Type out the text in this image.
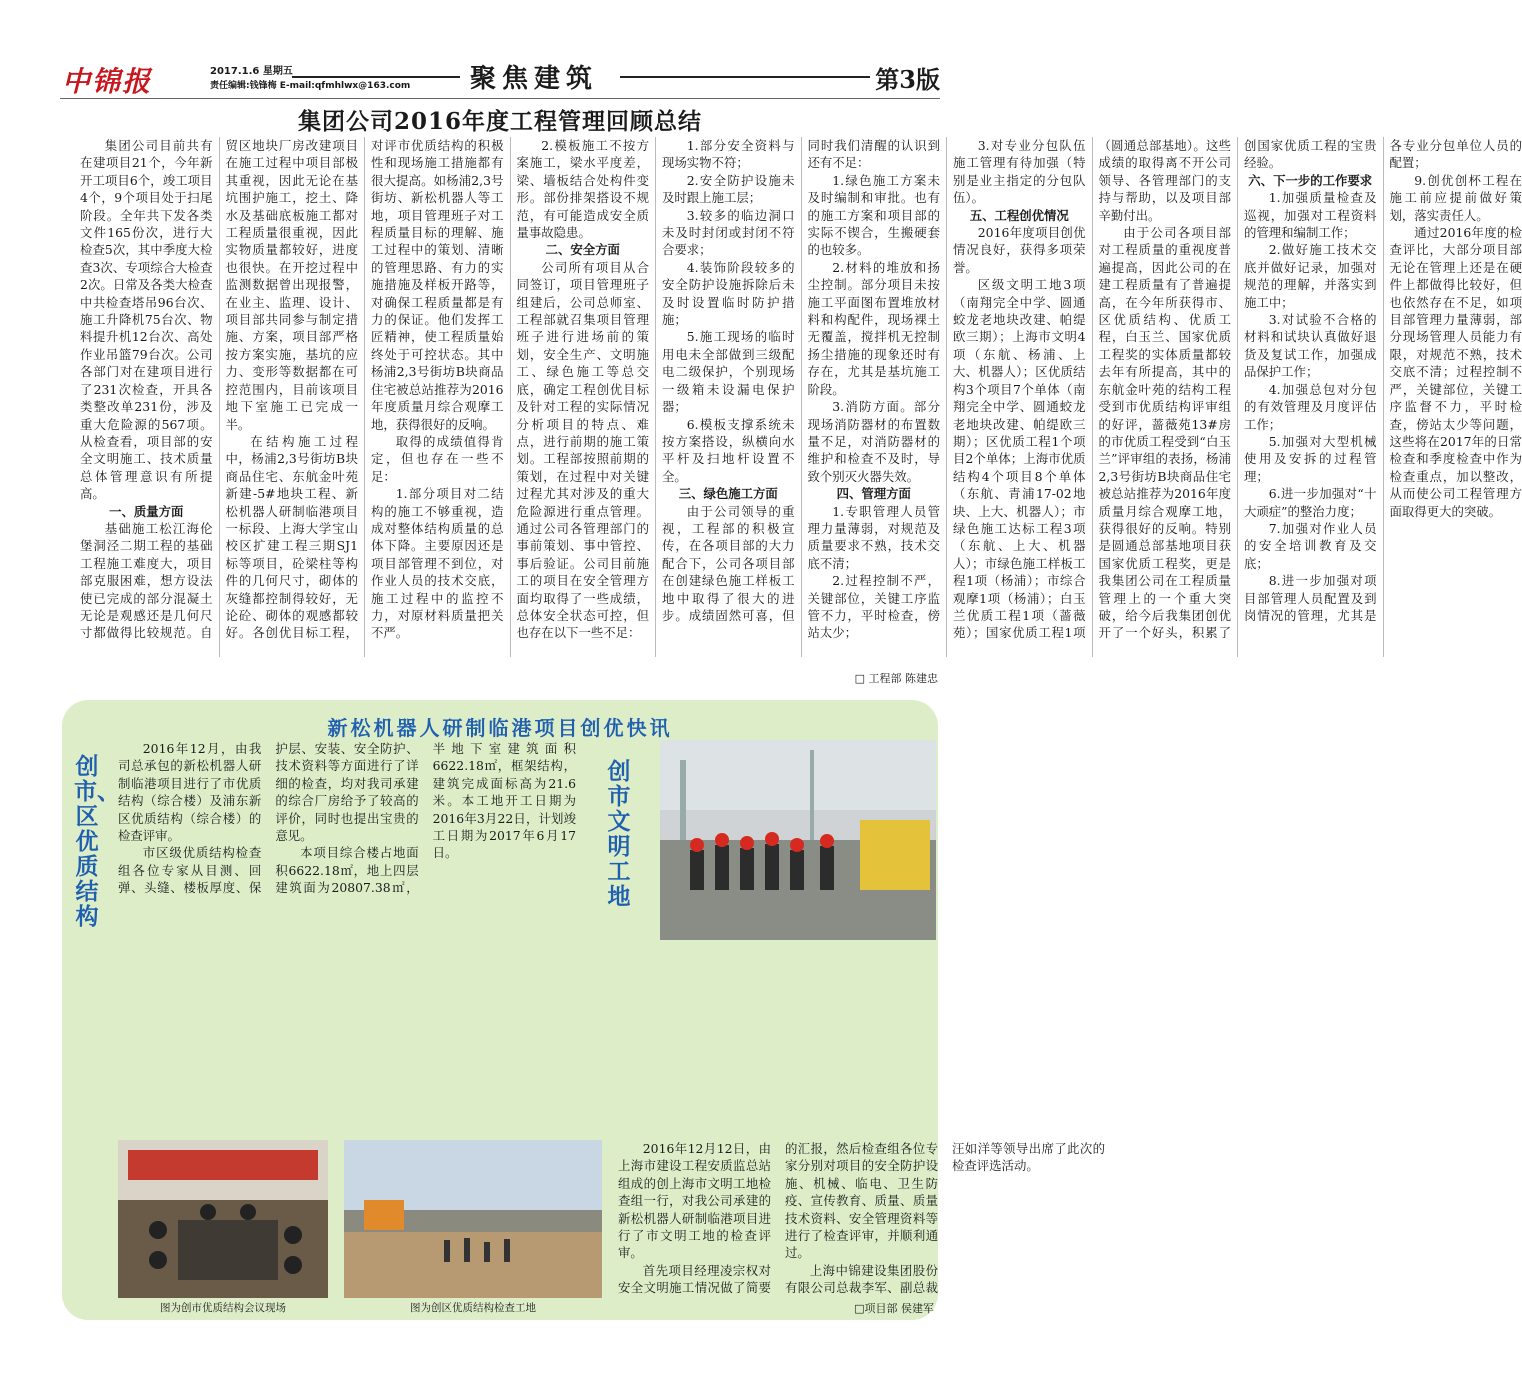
中锦报	2017.1.6 星期五
责任编辑:钱锋梅 E-mail:qfmhlwx@163.com 聚焦建筑	第3版
集团公司2016年度工程管理回顾总结

集团公司目前共有在建项目21个，今年新开工项目6个，竣工项目4个，9个项目处于扫尾阶段。全年共下发各类文件165份次，进行大检查5次，其中季度大检查3次、专项综合大检查2次。日常及各类大检查中共检查塔吊96台次、施工升降机75台次、物料提升机12台次、高处作业吊篮79台次。公司各部门对在建项目进行了231次检查，开具各类整改单231份，涉及重大危险源的567项。从检查看，项目部的安全文明施工、技术质量总体管理意识有所提高。

一、质量方面

基础施工松江海伦堡洞泾二期工程的基础工程施工难度大，项目部克服困难，想方设法使已完成的部分混凝土无论是观感还是几何尺寸都做得比较规范。自贸区地块厂房改建项目在施工过程中项目部极其重视，因此无论在基坑围护施工，挖土、降水及基础底板施工都对工程质量很重视，因此实物质量都较好，进度也很快。在开挖过程中监测数据曾出现报警，在业主、监理、设计、项目部共同参与制定措施、方案，项目部严格按方案实施，基坑的应力、变形等数据都在可控范围内，目前该项目地下室施工已完成一半。

在结构施工过程中，杨浦2,3号街坊B块商品住宅、东航金叶苑新建-5#地块工程、新松机器人研制临港项目一标段、上海大学宝山校区扩建工程三期SJ1标等项目，砼梁柱等构件的几何尺寸，砌体的灰缝都控制得较好，无论砼、砌体的观感都较好。各创优目标工程，对评市优质结构的积极性和现场施工措施都有很大提高。如杨浦2,3号街坊、新松机器人等工地，项目管理班子对工程质量目标的理解、施工过程中的策划、清晰的管理思路、有力的实施措施及样板开路等，对确保工程质量都是有力的保证。他们发挥工匠精神，使工程质量始终处于可控状态。其中杨浦2,3号街坊B块商品住宅被总站推荐为2016年度质量月综合观摩工地，获得很好的反响。

取得的成绩值得肯定，但也存在一些不足：

1.部分项目对二结构的施工不够重视，造成对整体结构质量的总体下降。主要原因还是项目部管理不到位，对作业人员的技术交底，施工过程中的监控不力，对原材料质量把关不严。

2.模板施工不按方案施工，梁水平度差，梁、墙板结合处构件变形。部份排架搭设不规范，有可能造成安全质量事故隐患。

二、安全方面

公司所有项目从合同签订，项目管理班子组建后，公司总师室、工程部就召集项目管理班子进行进场前的策划，安全生产、文明施工、绿色施工等总交底，确定工程创优目标及针对工程的实际情况分析项目的特点、难点，进行前期的施工策划。工程部按照前期的策划，在过程中对关键过程尤其对涉及的重大危险源进行重点管理。通过公司各管理部门的事前策划、事中管控、事后验证。公司目前施工的项目在安全管理方面均取得了一些成绩，总体安全状态可控，但也存在以下一些不足：

1.部分安全资料与现场实物不符；

2.安全防护设施未及时跟上施工层；

3.较多的临边洞口未及时封闭或封闭不符合要求；

4.装饰阶段较多的安全防护设施拆除后未及时设置临时防护措施；

5.施工现场的临时用电未全部做到三级配电二级保护，个别现场一级箱未设漏电保护器；

6.模板支撑系统未按方案搭设，纵横向水平杆及扫地杆设置不全。

三、绿色施工方面

由于公司领导的重视，工程部的积极宣传，在各项目部的大力配合下，公司各项目部在创建绿色施工样板工地中取得了很大的进步。成绩固然可喜，但同时我们清醒的认识到还有不足：

1.绿色施工方案未及时编制和审批。也有的施工方案和项目部的实际不锲合，生搬硬套的也较多。

2.材料的堆放和扬尘控制。部分项目未按施工平面图布置堆放材料和构配件，现场裸土无覆盖，搅拌机无控制扬尘措施的现象还时有存在，尤其是基坑施工阶段。

3.消防方面。部分现场消防器材的布置数量不足，对消防器材的维护和检查不及时，导致个别灭火器失效。

四、管理方面

1.专职管理人员管理力量薄弱，对规范及质量要求不熟，技术交底不清；

2.过程控制不严，关键部位，关键工序监管不力，平时检查，傍站太少；

3.对专业分包队伍施工管理有待加强（特别是业主指定的分包队伍）。

五、工程创优情况

2016年度项目创优情况良好，获得多项荣誉。

区级文明工地3项（南翔完全中学、圆通蛟龙老地块改建、帕缇欧三期）；上海市文明4项（东航、杨浦、上大、机器人）；区优质结构3个项目7个单体（南翔完全中学、圆通蛟龙老地块改建、帕缇欧三期）；区优质工程1个项目2个单体；上海市优质结构4个项目8个单体（东航、青浦17-02地块、上大、机器人）；市绿色施工达标工程3项（东航、上大、机器人）；市绿色施工样板工程1项（杨浦）；市综合观摩1项（杨浦）；白玉兰优质工程1项（蔷薇苑）；国家优质工程1项（圆通总部基地）。这些成绩的取得离不开公司领导、各管理部门的支持与帮助，以及项目部辛勤付出。

由于公司各项目部对工程质量的重视度普遍提高，因此公司的在建工程质量有了普遍提高，在今年所获得市、区优质结构、优质工程，白玉兰、国家优质工程奖的实体质量都较去年有所提高，其中的东航金叶苑的结构工程受到市优质结构评审组的好评，蔷薇苑13#房的市优质工程受到“白玉兰”评审组的表扬，杨浦2,3号街坊B块商品住宅被总站推荐为2016年度质量月综合观摩工地，获得很好的反响。特别是圆通总部基地项目获国家优质工程奖，更是我集团公司在工程质量管理上的一个重大突破，给今后我集团创优开了一个好头，积累了创国家优质工程的宝贵经验。

六、下一步的工作要求

1.加强质量检查及巡视，加强对工程资料的管理和编制工作；

2.做好施工技术交底并做好记录，加强对规范的理解，并落实到施工中；

3.对试验不合格的材料和试块认真做好退货及复试工作，加强成品保护工作；

4.加强总包对分包的有效管理及月度评估工作；

5.加强对大型机械使用及安拆的过程管理；

6.进一步加强对“十大顽症”的整治力度；

7.加强对作业人员的安全培训教育及交底；

8.进一步加强对项目部管理人员配置及到岗情况的管理，尤其是各专业分包单位人员的配置；

9.创优创杯工程在施工前应提前做好策划，落实责任人。

通过2016年度的检查评比，大部分项目部无论在管理上还是在硬件上都做得比较好，但也依然存在不足，如项目部管理力量薄弱，部分现场管理人员能力有限，对规范不熟，技术交底不清；过程控制不严，关键部位，关键工序监督不力，平时检查，傍站太少等问题，这些将在2017年的日常检查和季度检查中作为检查重点，加以整改，从而使公司工程管理方面取得更大的突破。

□ 工程部 陈建忠
新松机器人研制临港项目创优快讯
创市、区优质结构

2016年12月，由我司总承包的新松机器人研制临港项目进行了市优质结构（综合楼）及浦东新区优质结构（综合楼）的检查评审。

市区级优质结构检查组各位专家从目测、回弹、头缝、楼板厚度、保护层、安装、安全防护、技术资料等方面进行了详细的检查，均对我司承建的综合厂房给予了较高的评价，同时也提出宝贵的意见。

本项目综合楼占地面积6622.18㎡，地上四层建筑面为20807.38㎡，半地下室建筑面积6622.18㎡，框架结构，建筑完成面标高为21.6米。本工地开工日期为2016年3月22日，计划竣工日期为2017年6月17日。

创市文明工地
图为创市优质结构会议现场	图为创区优质结构检查工地

2016年12月12日，由上海市建设工程安质监总站组成的创上海市文明工地检查组一行，对我公司承建的新松机器人研制临港项目进行了市文明工地的检查评审。

首先项目经理凌宗权对安全文明施工情况做了简要的汇报，然后检查组各位专家分别对项目的安全防护设施、机械、临电、卫生防疫、宣传教育、质量、质量技术资料、安全管理资料等进行了检查评审，并顺利通过。

上海中锦建设集团股份有限公司总裁李军、副总裁汪如洋等领导出席了此次的检查评选活动。

□项目部 侯建军
